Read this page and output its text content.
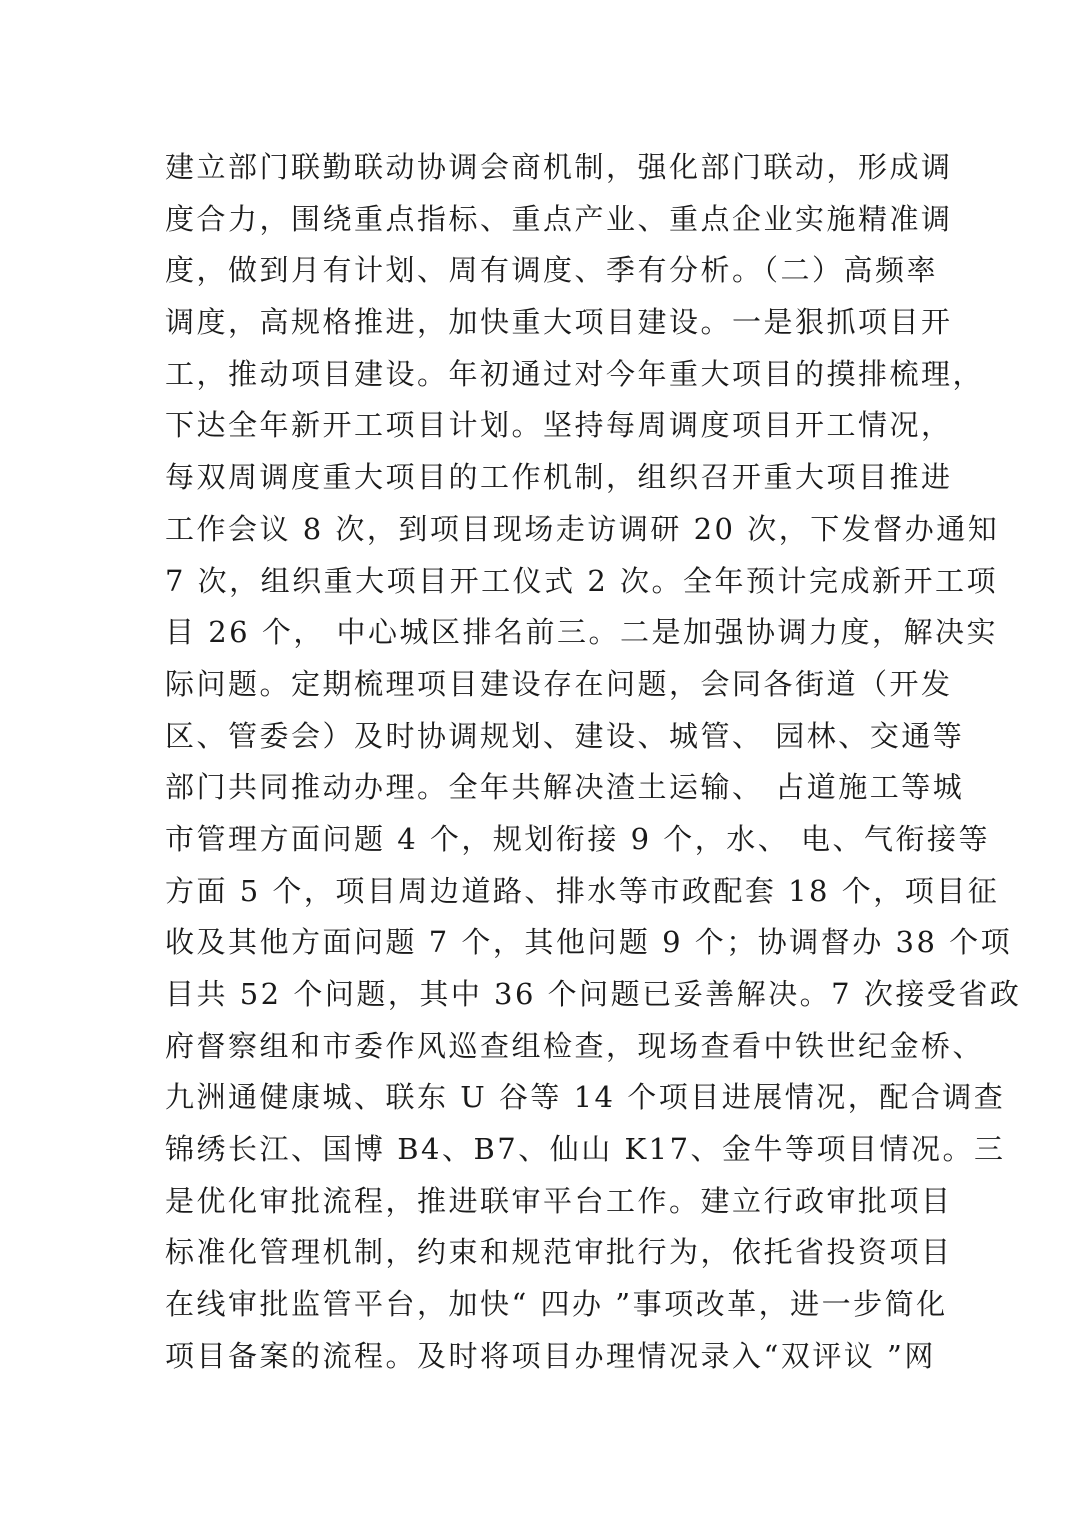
建立部门联勤联动协调会商机制，强化部门联动，形成调
度合力，围绕重点指标、重点产业、重点企业实施精准调
度，做到月有计划、周有调度、季有分析。（二）高频率
调度，高规格推进，加快重大项目建设。一是狠抓项目开
工，推动项目建设。年初通过对今年重大项目的摸排梳理，
下达全年新开工项目计划。坚持每周调度项目开工情况，
每双周调度重大项目的工作机制，组织召开重大项目推进
工作会议 8 次，到项目现场走访调研 20 次，下发督办通知
7 次，组织重大项目开工仪式 2 次。全年预计完成新开工项
目 26 个， 中心城区排名前三。二是加强协调力度，解决实
际问题。定期梳理项目建设存在问题，会同各街道（开发
区、管委会）及时协调规划、建设、城管、 园林、交通等
部门共同推动办理。全年共解决渣土运输、 占道施工等城
市管理方面问题 4 个，规划衔接 9 个，水、 电、气衔接等
方面 5 个，项目周边道路、排水等市政配套 18 个，项目征
收及其他方面问题 7 个，其他问题 9 个；协调督办 38 个项
目共 52 个问题，其中 36 个问题已妥善解决。7 次接受省政
府督察组和市委作风巡查组检查，现场查看中铁世纪金桥、
九洲通健康城、联东 U 谷等 14 个项目进展情况，配合调查
锦绣长江、国博 B4、B7、仙山 K17、金牛等项目情况。三
是优化审批流程，推进联审平台工作。建立行政审批项目
标准化管理机制，约束和规范审批行为，依托省投资项目
在线审批监管平台，加快“ 四办 ”事项改革，进一步简化
项目备案的流程。及时将项目办理情况录入“双评议 ”网
